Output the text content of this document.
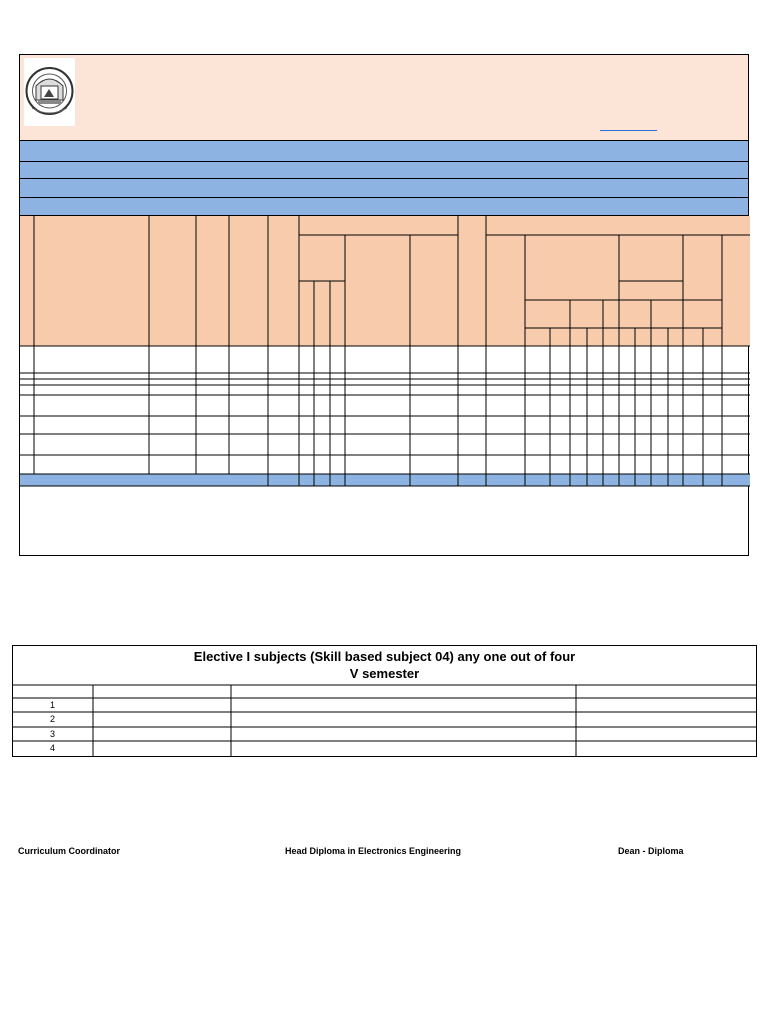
Elective I subjects (Skill based subject 04) any one out of four
V semester
1
2
3
4
Curriculum Coordinator	Head Diploma in Electronics Engineering	Dean - Diploma
